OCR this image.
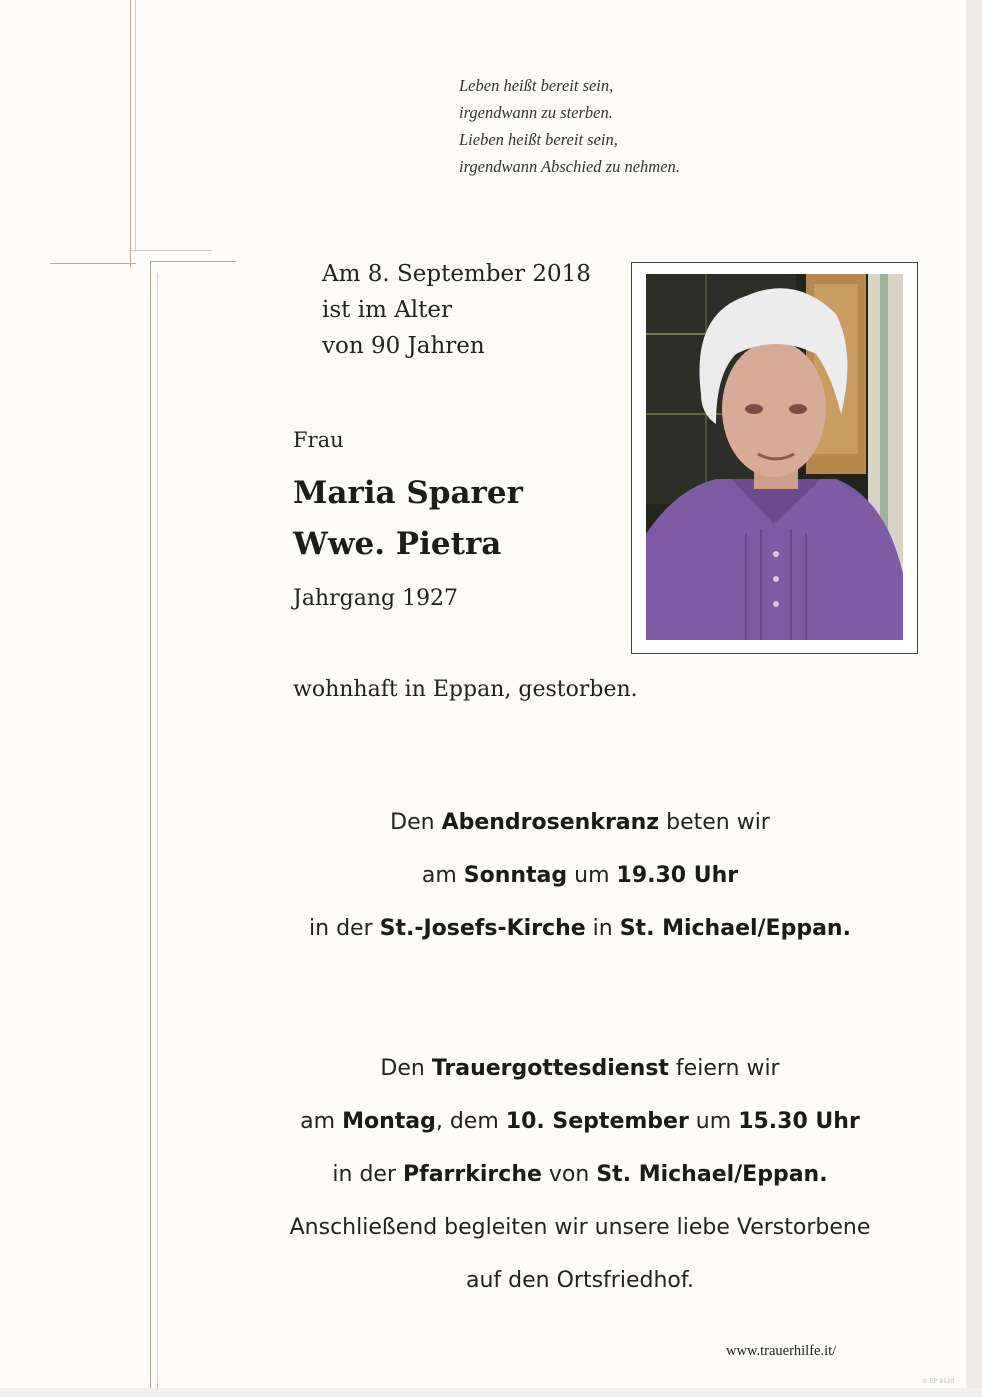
Leben heißt bereit sein,
irgendwann zu sterben.
Lieben heißt bereit sein,
irgendwann Abschied zu nehmen.
Am 8. September 2018
ist im Alter
von 90 Jahren
Frau
Maria Sparer
Wwe. Pietra
Jahrgang 1927
wohnhaft in Eppan, gestorben.
Den Abendrosenkranz beten wir
am Sonntag um 19.30 Uhr
in der St.-Josefs-Kirche in St. Michael/Eppan.
Den Trauergottesdienst feiern wir
am Montag, dem 10. September um 15.30 Uhr
in der Pfarrkirche von St. Michael/Eppan.
Anschließend begleiten wir unsere liebe Verstorbene
auf den Ortsfriedhof.
www.trauerhilfe.it/
© EP 9120
